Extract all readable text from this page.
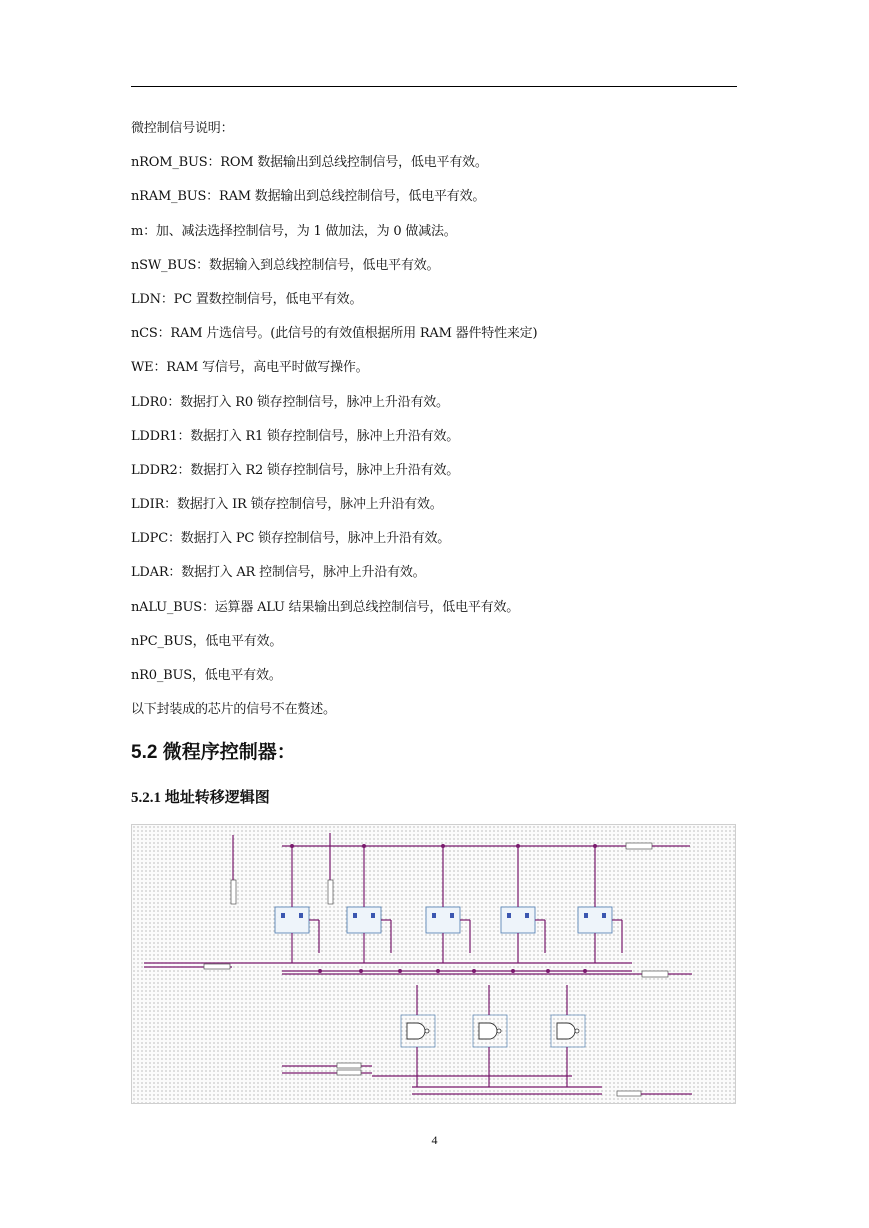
微控制信号说明：
nROM_BUS：ROM 数据输出到总线控制信号，低电平有效。
nRAM_BUS：RAM 数据输出到总线控制信号，低电平有效。
m：加、减法选择控制信号，为 1 做加法，为 0 做减法。
nSW_BUS：数据输入到总线控制信号，低电平有效。
LDN：PC 置数控制信号，低电平有效。
nCS：RAM 片选信号。(此信号的有效值根据所用 RAM 器件特性来定)
WE：RAM 写信号，高电平时做写操作。
LDR0：数据打入 R0 锁存控制信号，脉冲上升沿有效。
LDDR1：数据打入 R1 锁存控制信号，脉冲上升沿有效。
LDDR2：数据打入 R2 锁存控制信号，脉冲上升沿有效。
LDIR：数据打入 IR 锁存控制信号，脉冲上升沿有效。
LDPC：数据打入 PC 锁存控制信号，脉冲上升沿有效。
LDAR：数据打入 AR 控制信号，脉冲上升沿有效。
nALU_BUS：运算器 ALU 结果输出到总线控制信号，低电平有效。
nPC_BUS，低电平有效。
nR0_BUS，低电平有效。
以下封装成的芯片的信号不在赘述。
5.2 微程序控制器：
5.2.1 地址转移逻辑图
4
